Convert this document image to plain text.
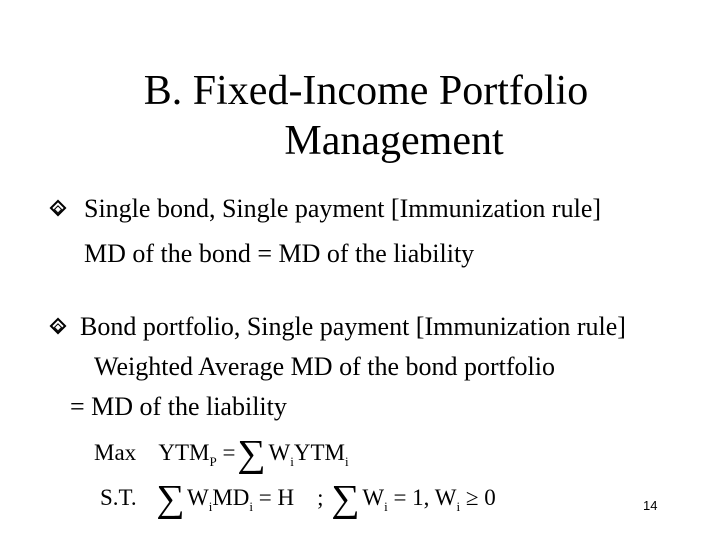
B. Fixed-Income Portfolio
Management
Single bond, Single payment [Immunization rule]
MD of the bond = MD of the liability
Bond portfolio, Single payment [Immunization rule]
Weighted Average MD of the bond portfolio
= MD of the liability
Max $YTM_P$ =∑ $W_iYTM_i$
S.T. ∑ $W_iMD_i = H$ ; ∑ $W_i = 1$, $W_i \ge 0$	14
